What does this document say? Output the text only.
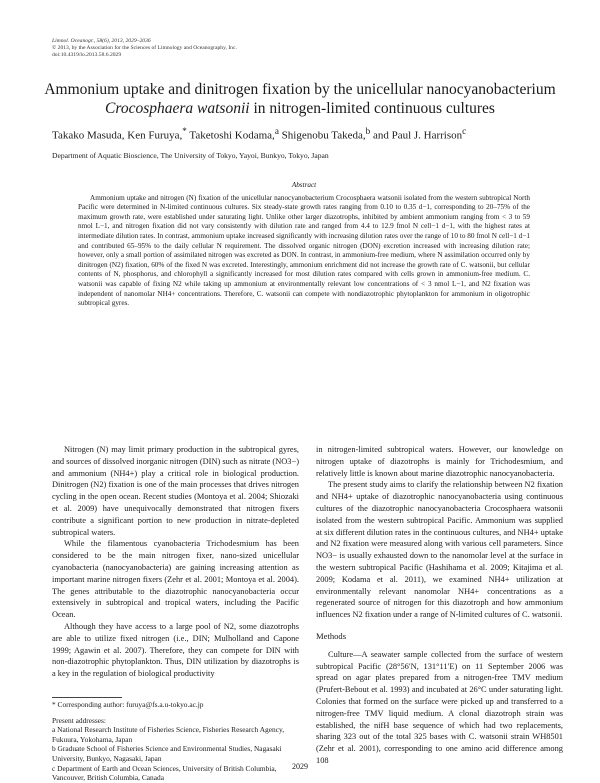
Limnol. Oceanogr., 58(6), 2013, 2029–2036
© 2013, by the Association for the Sciences of Limnology and Oceanography, Inc.
doi:10.4319/lo.2013.58.6.2029
Ammonium uptake and dinitrogen fixation by the unicellular nanocyanobacterium
Crocosphaera watsonii in nitrogen-limited continuous cultures
Takako Masuda, Ken Furuya,* Taketoshi Kodama,$^a$ Shigenobu Takeda,$^b$ and Paul J. Harrison$^c$
Department of Aquatic Bioscience, The University of Tokyo, Yayoi, Bunkyo, Tokyo, Japan
Abstract
Ammonium uptake and nitrogen (N) fixation of the unicellular nanocyanobacterium Crocosphaera watsonii isolated from the western subtropical North Pacific were determined in N-limited continuous cultures. Six steady-state growth rates ranging from 0.10 to 0.35 d−1, corresponding to 20–75% of the maximum growth rate, were established under saturating light. Unlike other larger diazotrophs, inhibited by ambient ammonium ranging from < 3 to 59 nmol L−1, and nitrogen fixation did not vary consistently with dilution rate and ranged from 4.4 to 12.9 fmol N cell−1 d−1, with the highest rates at intermediate dilution rates. In contrast, ammonium uptake increased significantly with increasing dilution rates over the range of 10 to 80 fmol N cell−1 d−1 and contributed 65–95% to the daily cellular N requirement. The dissolved organic nitrogen (DON) excretion increased with increasing dilution rate; however, only a small portion of assimilated nitrogen was excreted as DON. In contrast, in ammonium-free medium, where N assimilation occurred only by dinitrogen (N2) fixation, 60% of the fixed N was excreted. Interestingly, ammonium enrichment did not increase the growth rate of C. watsonii, but cellular contents of N, phosphorus, and chlorophyll a significantly increased for most dilution rates compared with cells grown in ammonium-free medium. C. watsonii was capable of fixing N2 while taking up ammonium at environmentally relevant low concentrations of < 3 nmol L−1, and N2 fixation was independent of nanomolar NH4+ concentrations. Therefore, C. watsonii can compete with nondiazotrophic phytoplankton for ammonium in oligotrophic subtropical gyres.

Nitrogen (N) may limit primary production in the subtropical gyres, and sources of dissolved inorganic nitrogen (DIN) such as nitrate (NO3−) and ammonium (NH4+) play a critical role in biological production. Dinitrogen (N2) fixation is one of the main processes that drives nitrogen cycling in the open ocean. Recent studies (Montoya et al. 2004; Shiozaki et al. 2009) have unequivocally demonstrated that nitrogen fixers contribute a significant portion to new production in nitrate-depleted subtropical waters.

While the filamentous cyanobacteria Trichodesmium has been considered to be the main nitrogen fixer, nano-sized unicellular cyanobacteria (nanocyanobacteria) are gaining increasing attention as important marine nitrogen fixers (Zehr et al. 2001; Montoya et al. 2004). The genes attributable to the diazotrophic nanocyanobacteria occur extensively in subtropical and tropical waters, including the Pacific Ocean.

Although they have access to a large pool of N2, some diazotrophs are able to utilize fixed nitrogen (i.e., DIN; Mulholland and Capone 1999; Agawin et al. 2007). Therefore, they can compete for DIN with non-diazotrophic phytoplankton. Thus, DIN utilization by diazotrophs is a key in the regulation of biological productivity

* Corresponding author: furuya@fs.a.u-tokyo.ac.jp
Present addresses:
a National Research Institute of Fisheries Science, Fisheries Research Agency, Fukuura, Yokohama, Japan
b Graduate School of Fisheries Science and Environmental Studies, Nagasaki University, Bunkyo, Nagasaki, Japan
c Department of Earth and Ocean Sciences, University of British Columbia, Vancouver, British Columbia, Canada

in nitrogen-limited subtropical waters. However, our knowledge on nitrogen uptake of diazotrophs is mainly for Trichodesmium, and relatively little is known about marine diazotrophic nanocyanobacteria.

The present study aims to clarify the relationship between N2 fixation and NH4+ uptake of diazotrophic nanocyanobacteria using continuous cultures of the diazotrophic nanocyanobacteria Crocosphaera watsonii isolated from the western subtropical Pacific. Ammonium was supplied at six different dilution rates in the continuous cultures, and NH4+ uptake and N2 fixation were measured along with various cell parameters. Since NO3− is usually exhausted down to the nanomolar level at the surface in the western subtropical Pacific (Hashihama et al. 2009; Kitajima et al. 2009; Kodama et al. 2011), we examined NH4+ utilization at environmentally relevant nanomolar NH4+ concentrations as a regenerated source of nitrogen for this diazotroph and how ammonium influences N2 fixation under a range of N-limited cultures of C. watsonii.

Methods

Culture—A seawater sample collected from the surface of western subtropical Pacific (28°56′N, 131°11′E) on 11 September 2006 was spread on agar plates prepared from a nitrogen-free TMV medium (Prufert-Bebout et al. 1993) and incubated at 26°C under saturating light. Colonies that formed on the surface were picked up and transferred to a nitrogen-free TMV liquid medium. A clonal diazotroph strain was established, the nifH base sequence of which had two replacements, sharing 323 out of the total 325 bases with C. watsonii strain WH8501 (Zehr et al. 2001), corresponding to one amino acid difference among 108

2029
